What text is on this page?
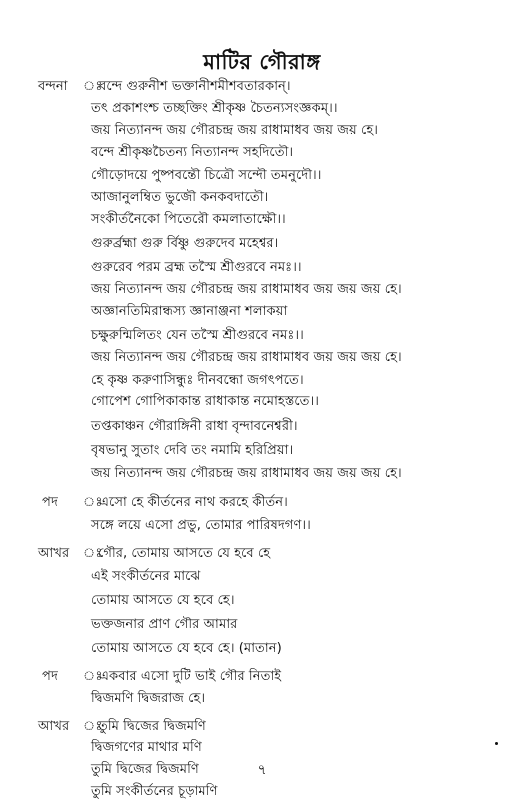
মাটির গৌরাঙ্গ
বন্দনা ঃ
বন্দে গুরুনীশ ভক্তানীশমীশবতারকান্।
তৎ প্রকাশংশ্চ তচ্ছক্তিং শ্রীকৃষ্ণ চৈতন্যসংজ্ঞকম্।।
জয় নিত্যানন্দ জয় গৌরচন্দ্র জয় রাধামাধব জয় জয় হে।
বন্দে শ্রীকৃষ্ণচৈতন্য নিত্যানন্দ সহদিতৌ।
গৌড়োদয়ে পুষ্পবন্তৌ চিত্রৌ সন্দৌ তমনুদৌ।।
আজানুলম্বিত ভুজৌ কনকবদাতৌ।
সংকীর্তনৈকো পিতেরৌ কমলাতাক্ষৌ।।
গুরুর্ব্রহ্মা গুরু র্বিষ্ণু গুরুদেব মহেশ্বর।
গুরুরেব পরম ব্রহ্ম তস্মৈ শ্রীগুরবে নমঃ।।
জয় নিত্যানন্দ জয় গৌরচন্দ্র জয় রাধামাধব জয় জয় জয় হে।
অজ্ঞানতিমিরান্ধস্য জ্ঞানাঞ্জনা শলাকয়া
চক্ষুরুন্মিলিতং যেন তস্মৈ শ্রীগুরবে নমঃ।।
জয় নিত্যানন্দ জয় গৌরচন্দ্র জয় রাধামাধব জয় জয় জয় হে।
হে কৃষ্ণ করুণাসিন্ধুঃ দীনবন্ধো জগৎপতে।
গোপেশ গোপিকাকান্ত রাধাকান্ত নমোহস্ততে।।
তপ্তকাঞ্চন গৌরাঙ্গিনী রাধা বৃন্দাবনেশ্বরী।
বৃষভানু সুতাং দেবি তং নমামি হরিপ্রিয়া।
জয় নিত্যানন্দ জয় গৌরচন্দ্র জয় রাধামাধব জয় জয় জয় হে।
পদ ঃ
এসো হে কীর্তনের নাথ করহে কীর্তন।
সঙ্গে লয়ে এসো প্রভু, তোমার পারিষদগণ।।
আখর ঃ
গৌর, তোমায় আসতে যে হবে হে
এই সংকীর্তনের মাঝে
তোমায় আসতে যে হবে হে।
ভক্তজনার প্রাণ গৌর আমার
তোমায় আসতে যে হবে হে। (মাতান)
পদ ঃ
একবার এসো দুটি ভাই গৌর নিতাই
দ্বিজমণি দ্বিজরাজ হে।
আখর ঃ
তুমি দ্বিজের দ্বিজমণি
দ্বিজগণের মাথার মণি
তুমি দ্বিজের দ্বিজমণি
তুমি সংকীর্তনের চূড়ামণি
৭
